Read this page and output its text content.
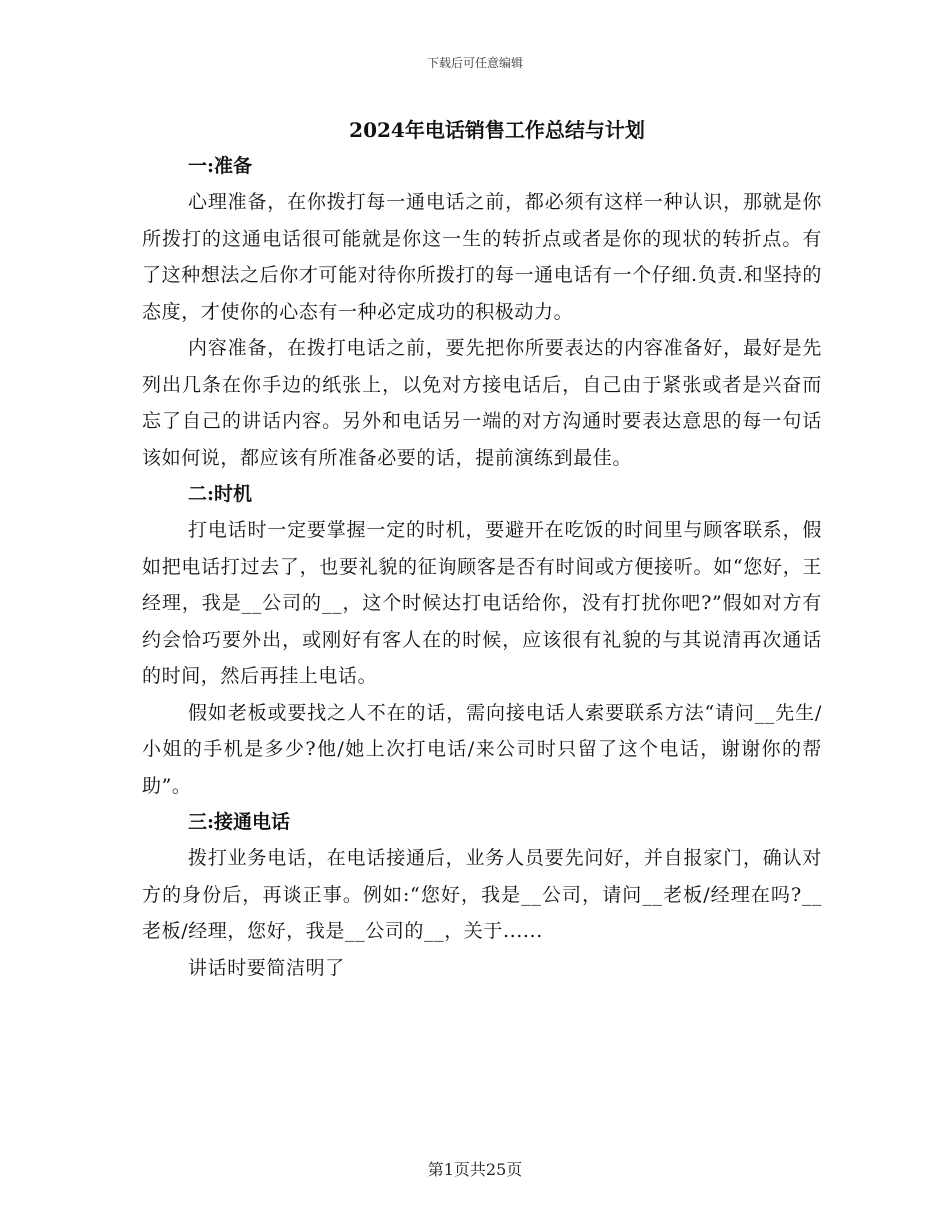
下载后可任意编辑
2024年电话销售工作总结与计划
一:准备

心理准备，在你拨打每一通电话之前，都必须有这样一种认识，那就是你所拨打的这通电话很可能就是你这一生的转折点或者是你的现状的转折点。有了这种想法之后你才可能对待你所拨打的每一通电话有一个仔细.负责.和坚持的态度，才使你的心态有一种必定成功的积极动力。

内容准备，在拨打电话之前，要先把你所要表达的内容准备好，最好是先列出几条在你手边的纸张上，以免对方接电话后，自己由于紧张或者是兴奋而忘了自己的讲话内容。另外和电话另一端的对方沟通时要表达意思的每一句话该如何说，都应该有所准备必要的话，提前演练到最佳。

二:时机

打电话时一定要掌握一定的时机，要避开在吃饭的时间里与顾客联系，假如把电话打过去了，也要礼貌的征询顾客是否有时间或方便接听。如“您好，王经理，我是__公司的__，这个时候达打电话给你，没有打扰你吧?”假如对方有约会恰巧要外出，或刚好有客人在的时候，应该很有礼貌的与其说清再次通话的时间，然后再挂上电话。

假如老板或要找之人不在的话，需向接电话人索要联系方法“请问__先生/小姐的手机是多少?他/她上次打电话/来公司时只留了这个电话，谢谢你的帮助”。

三:接通电话

拨打业务电话，在电话接通后，业务人员要先问好，并自报家门，确认对方的身份后，再谈正事。例如:“您好，我是__公司，请问__老板/经理在吗?__老板/经理，您好，我是__公司的__，关于......

讲话时要简洁明了

第1页共25页
